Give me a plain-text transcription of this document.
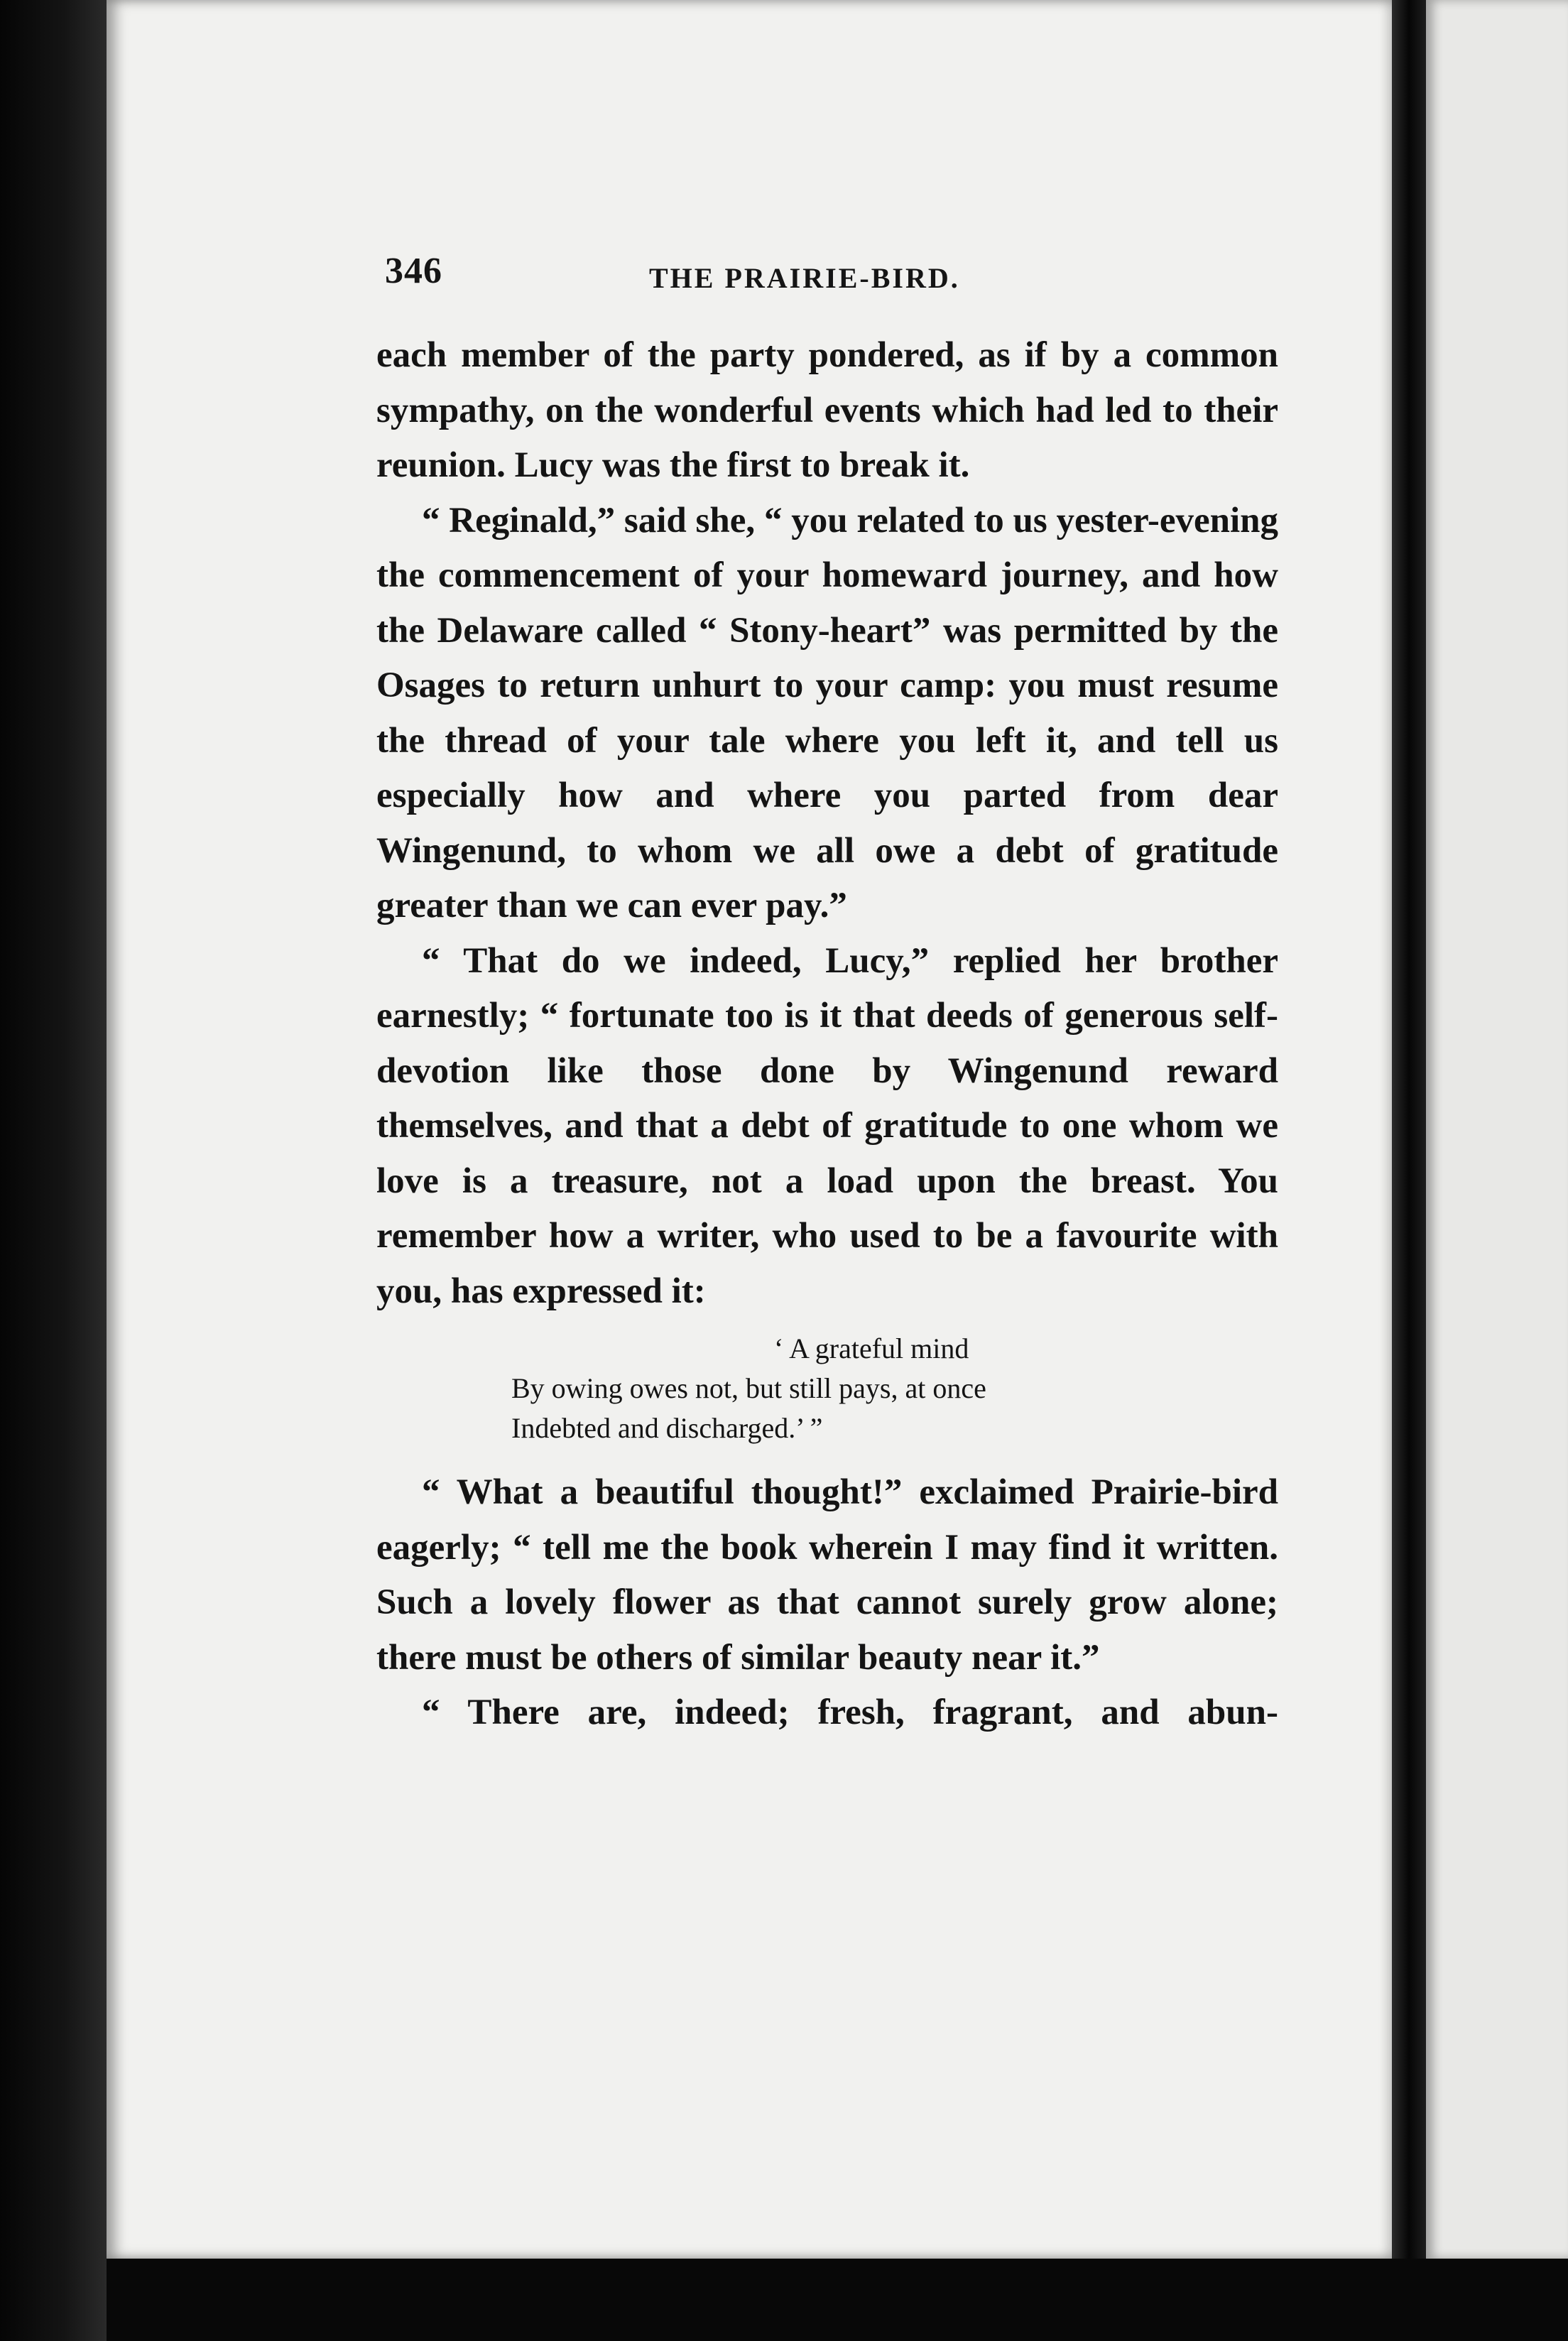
346	THE PRAIRIE-BIRD.

each member of the party pondered, as if by a common sympathy, on the wonderful events which had led to their reunion. Lucy was the first to break it.

“ Reginald,” said she, “ you related to us yester-evening the commencement of your homeward journey, and how the Delaware called “ Stony-heart” was permitted by the Osages to return unhurt to your camp: you must resume the thread of your tale where you left it, and tell us especially how and where you parted from dear Wingenund, to whom we all owe a debt of gratitude greater than we can ever pay.”

“ That do we indeed, Lucy,” replied her brother earnestly; “ fortunate too is it that deeds of generous self-devotion like those done by Wingenund reward themselves, and that a debt of gratitude to one whom we love is a treasure, not a load upon the breast. You remember how a writer, who used to be a favourite with you, has expressed it:

‘ A grateful mind
By owing owes not, but still pays, at once
Indebted and discharged.’ ”

“ What a beautiful thought!” exclaimed Prairie-bird eagerly; “ tell me the book wherein I may find it written. Such a lovely flower as that cannot surely grow alone; there must be others of similar beauty near it.”

“ There are, indeed; fresh, fragrant, and abun-
